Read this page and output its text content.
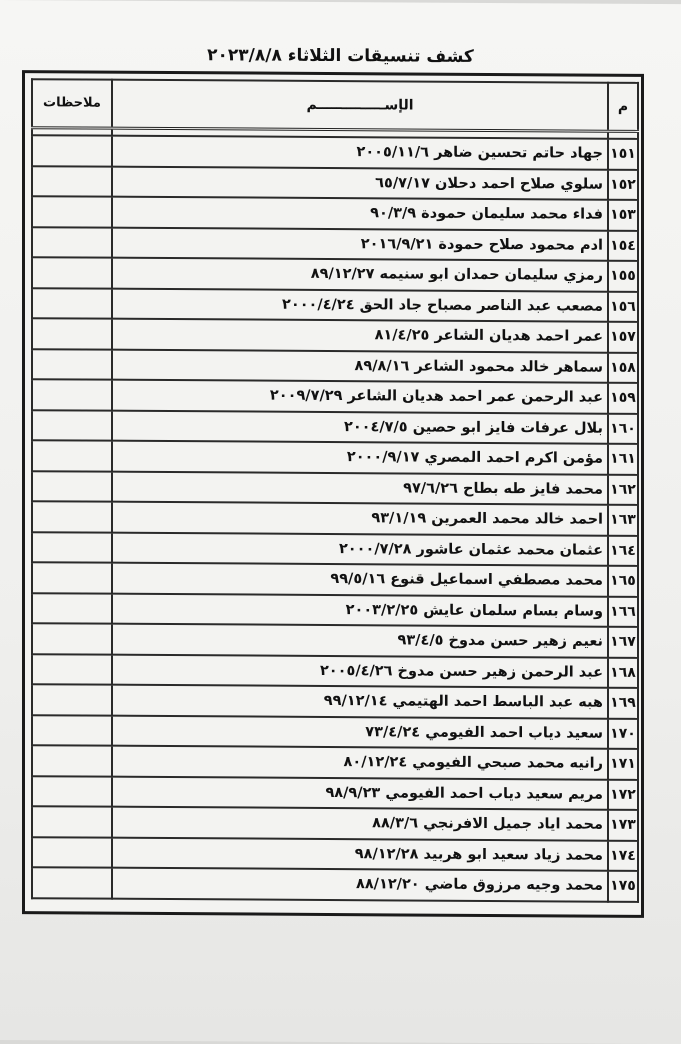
كشف تنسيقات الثلاثاء ٢٠٢٣/٨/٨
م	الإســــــــــــــم	ملاحظات

١٥١	جهاد حاتم تحسين ضاهر ٢٠٠٥/١١/٦	
١٥٢	سلوي صلاح احمد دحلان ٦٥/٧/١٧	
١٥٣	فداء محمد سليمان حمودة ٩٠/٣/٩	
١٥٤	ادم محمود صلاح حمودة ٢٠١٦/٩/٢١	
١٥٥	رمزي سليمان حمدان ابو سنيمه ٨٩/١٢/٢٧	
١٥٦	مصعب عبد الناصر مصباح جاد الحق ٢٠٠٠/٤/٢٤	
١٥٧	عمر احمد هديان الشاعر ٨١/٤/٢٥	
١٥٨	سماهر خالد محمود الشاعر ٨٩/٨/١٦	
١٥٩	عبد الرحمن عمر احمد هديان الشاعر ٢٠٠٩/٧/٢٩	
١٦٠	بلال عرفات فايز ابو حصين ٢٠٠٤/٧/٥	
١٦١	مؤمن اكرم احمد المصري ٢٠٠٠/٩/١٧	
١٦٢	محمد فايز طه بطاح ٩٧/٦/٢٦	
١٦٣	احمد خالد محمد العمرين ٩٣/١/١٩	
١٦٤	عثمان محمد عثمان عاشور ٢٠٠٠/٧/٢٨	
١٦٥	محمد مصطفي اسماعيل قنوع ٩٩/٥/١٦	
١٦٦	وسام بسام سلمان عايش ٢٠٠٣/٢/٢٥	
١٦٧	نعيم زهير حسن مدوخ ٩٣/٤/٥	
١٦٨	عبد الرحمن زهير حسن مدوخ ٢٠٠٥/٤/٢٦	
١٦٩	هبه عبد الباسط احمد الهتيمي ٩٩/١٢/١٤	
١٧٠	سعيد دياب احمد الفيومي ٧٣/٤/٢٤	
١٧١	رانيه محمد صبحي الفيومي ٨٠/١٢/٢٤	
١٧٢	مريم سعيد دياب احمد الفيومي ٩٨/٩/٢٣	
١٧٣	محمد اياد جميل الافرنجي ٨٨/٣/٦	
١٧٤	محمد زياد سعيد ابو هربيد ٩٨/١٢/٢٨	
١٧٥	محمد وجيه مرزوق ماضي ٨٨/١٢/٢٠	
